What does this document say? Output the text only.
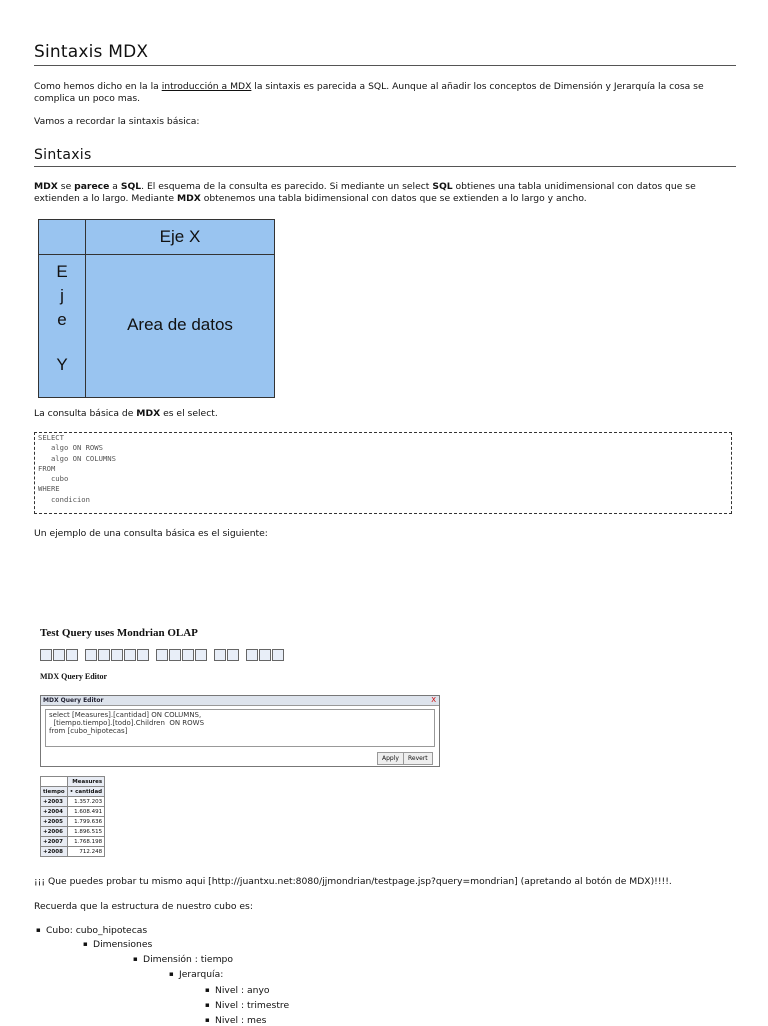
Sintaxis MDX

Como hemos dicho en la la introducción a MDX la sintaxis es parecida a SQL. Aunque al añadir los conceptos de Dimensión y Jerarquía la cosa se complica un poco mas.

Vamos a recordar la sintaxis básica:

Sintaxis

MDX se parece a SQL. El esquema de la consulta es parecido. Si mediante un select SQL obtienes una tabla unidimensional con datos que se extienden a lo largo. Mediante MDX obtenemos una tabla bidimensional con datos que se extienden a lo largo y ancho.

Eje X
E
j
e
Y
Area de datos

La consulta básica de MDX es el select.

SELECT
algo ON ROWS
algo ON COLUMNS
FROM
cubo
WHERE
condicion

Un ejemplo de una consulta básica es el siguiente:

Test Query uses Mondrian OLAP
MDX Query Editor
MDX Query Editor	X
select [Measures].[cantidad] ON COLUMNS,
[tiempo.tiempo].[todo].Children  ON ROWS
from [cubo_hipotecas]
Apply	Revert
	Measures
tiempo	• cantidad
+2003	1.357.203
+2004	1.608.491
+2005	1.799.636
+2006	1.896.515
+2007	1.768.198
+2008	712.248

¡¡¡ Que puedes probar tu mismo aqui [http://juantxu.net:8080/jjmondrian/testpage.jsp?query=mondrian] (apretando al botón de MDX)!!!!.

Recuerda que la estructura de nuestro cubo es:

▪ Cubo: cubo_hipotecas
▪ Dimensiones
▪ Dimensión : tiempo
▪ Jerarquía:
▪ Nivel : anyo
▪ Nivel : trimestre
▪ Nivel : mes
